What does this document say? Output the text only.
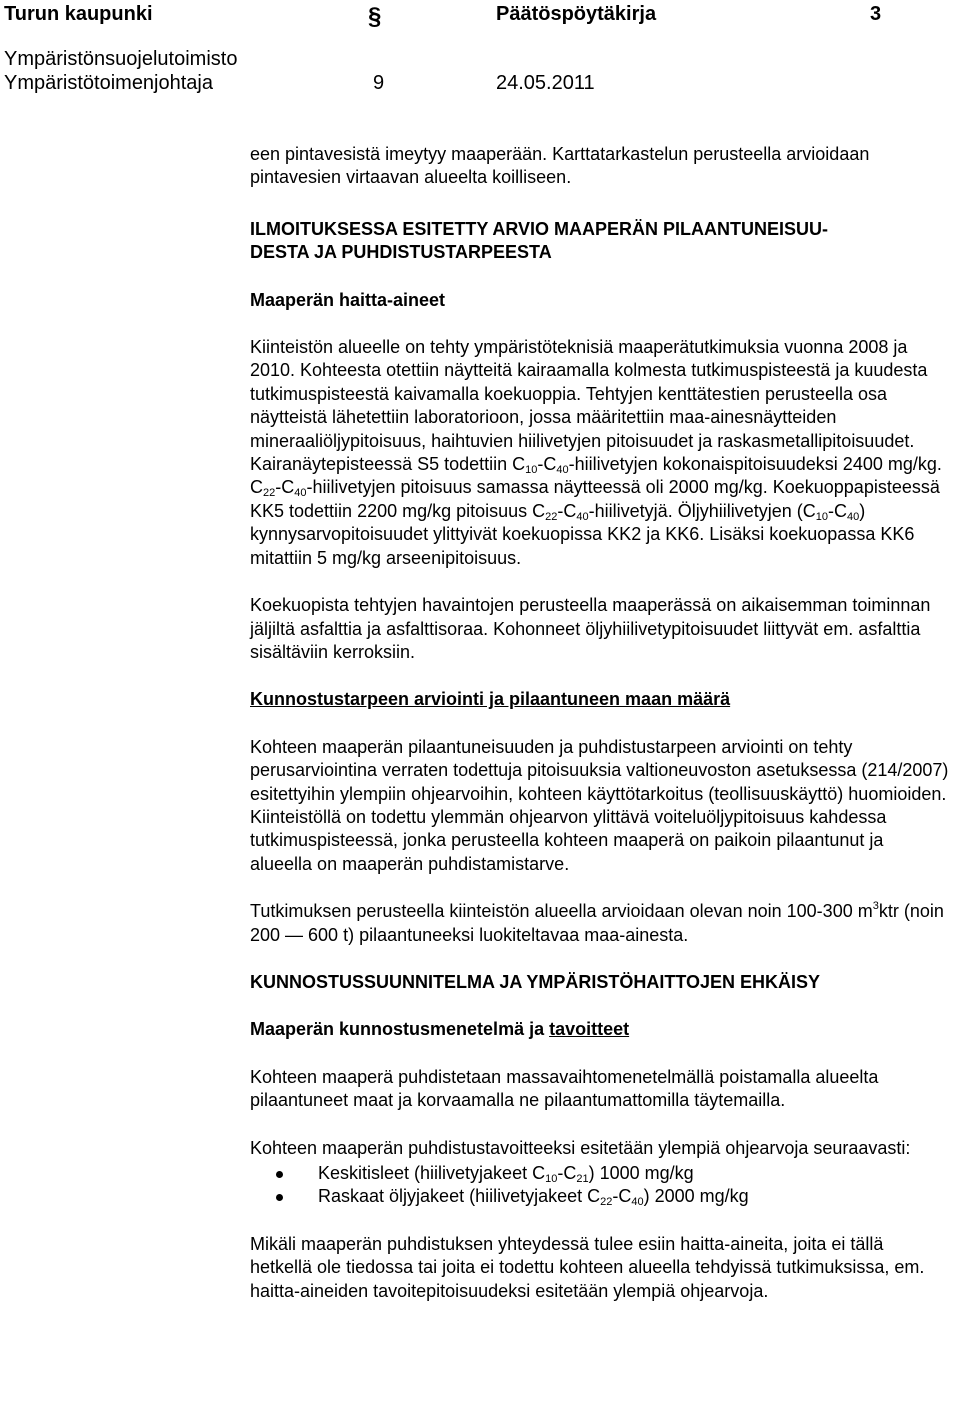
Turun kaupunki	§	Päätöspöytäkirja	3
Ympäristönsuojelutoimisto
Ympäristötoimenjohtaja	9	24.05.2011

een pintavesistä imeytyy maaperään. Karttatarkastelun perusteella arvioidaan pintavesien virtaavan alueelta koilliseen.

ILMOITUKSESSA ESITETTY ARVIO MAAPERÄN PILAANTUNEISUU-
DESTA JA PUHDISTUSTARPEESTA
Maaperän haitta-aineet

Kiinteistön alueelle on tehty ympäristöteknisiä maaperätutkimuksia vuonna 2008 ja 2010. Kohteesta otettiin näytteitä kairaamalla kolmesta tutkimuspisteestä ja kuudesta tutkimuspisteestä kaivamalla koekuoppia. Tehtyjen kenttätestien perusteella osa näytteistä lähetettiin laboratorioon, jossa määritettiin maa-ainesnäytteiden mineraaliöljypitoisuus, haihtuvien hiilivetyjen pitoisuudet ja raskasmetallipitoisuudet. Kairanäytepisteessä S5 todettiin $C_{10}-C_{40}$-hiilivetyjen kokonaispitoisuudeksi 2400 mg/kg. $C_{22}-C_{40}$-hiilivetyjen pitoisuus samassa näytteessä oli 2000 mg/kg. Koekuoppapisteessä KK5 todettiin 2200 mg/kg pitoisuus $C_{22}-C_{40}$-hiilivetyjä. Öljyhiilivetyjen $(C_{10}-C_{40})$ kynnysarvopitoisuudet ylittyivät koekuopissa KK2 ja KK6. Lisäksi koekuopassa KK6 mitattiin 5 mg/kg arseenipitoisuus.

Koekuopista tehtyjen havaintojen perusteella maaperässä on aikaisemman toiminnan jäljiltä asfalttia ja asfalttisoraa. Kohonneet öljyhiilivetypitoisuudet liittyvät em. asfalttia sisältäviin kerroksiin.

Kunnostustarpeen arviointi ja pilaantuneen maan määrä

Kohteen maaperän pilaantuneisuuden ja puhdistustarpeen arviointi on tehty perusarviointina verraten todettuja pitoisuuksia valtioneuvoston asetuksessa (214/2007) esitettyihin ylempiin ohjearvoihin, kohteen käyttötarkoitus (teollisuuskäyttö) huomioiden. Kiinteistöllä on todettu ylemmän ohjearvon ylittävä voiteluöljypitoisuus kahdessa tutkimuspisteessä, jonka perusteella kohteen maaperä on paikoin pilaantunut ja alueella on maaperän puhdistamistarve.

Tutkimuksen perusteella kiinteistön alueella arvioidaan olevan noin 100-300 $m^3ktr$ (noin 200 — 600 t) pilaantuneeksi luokiteltavaa maa-ainesta.

KUNNOSTUSSUUNNITELMA JA YMPÄRISTÖHAITTOJEN EHKÄISY
Maaperän kunnostusmenetelmä ja tavoitteet

Kohteen maaperä puhdistetaan massavaihtomenetelmällä poistamalla alueelta pilaantuneet maat ja korvaamalla ne pilaantumattomilla täytemailla.

Kohteen maaperän puhdistustavoitteeksi esitetään ylempiä ohjearvoja seuraavasti:

Keskitisleet (hiilivetyjakeet $C_{10}-C_{21}$) 1000 mg/kg
Raskaat öljyjakeet (hiilivetyjakeet $C_{22}-C_{40}$) 2000 mg/kg

Mikäli maaperän puhdistuksen yhteydessä tulee esiin haitta-aineita, joita ei tällä hetkellä ole tiedossa tai joita ei todettu kohteen alueella tehdyissä tutkimuksissa, em. haitta-aineiden tavoitepitoisuudeksi esitetään ylempiä ohjearvoja.
